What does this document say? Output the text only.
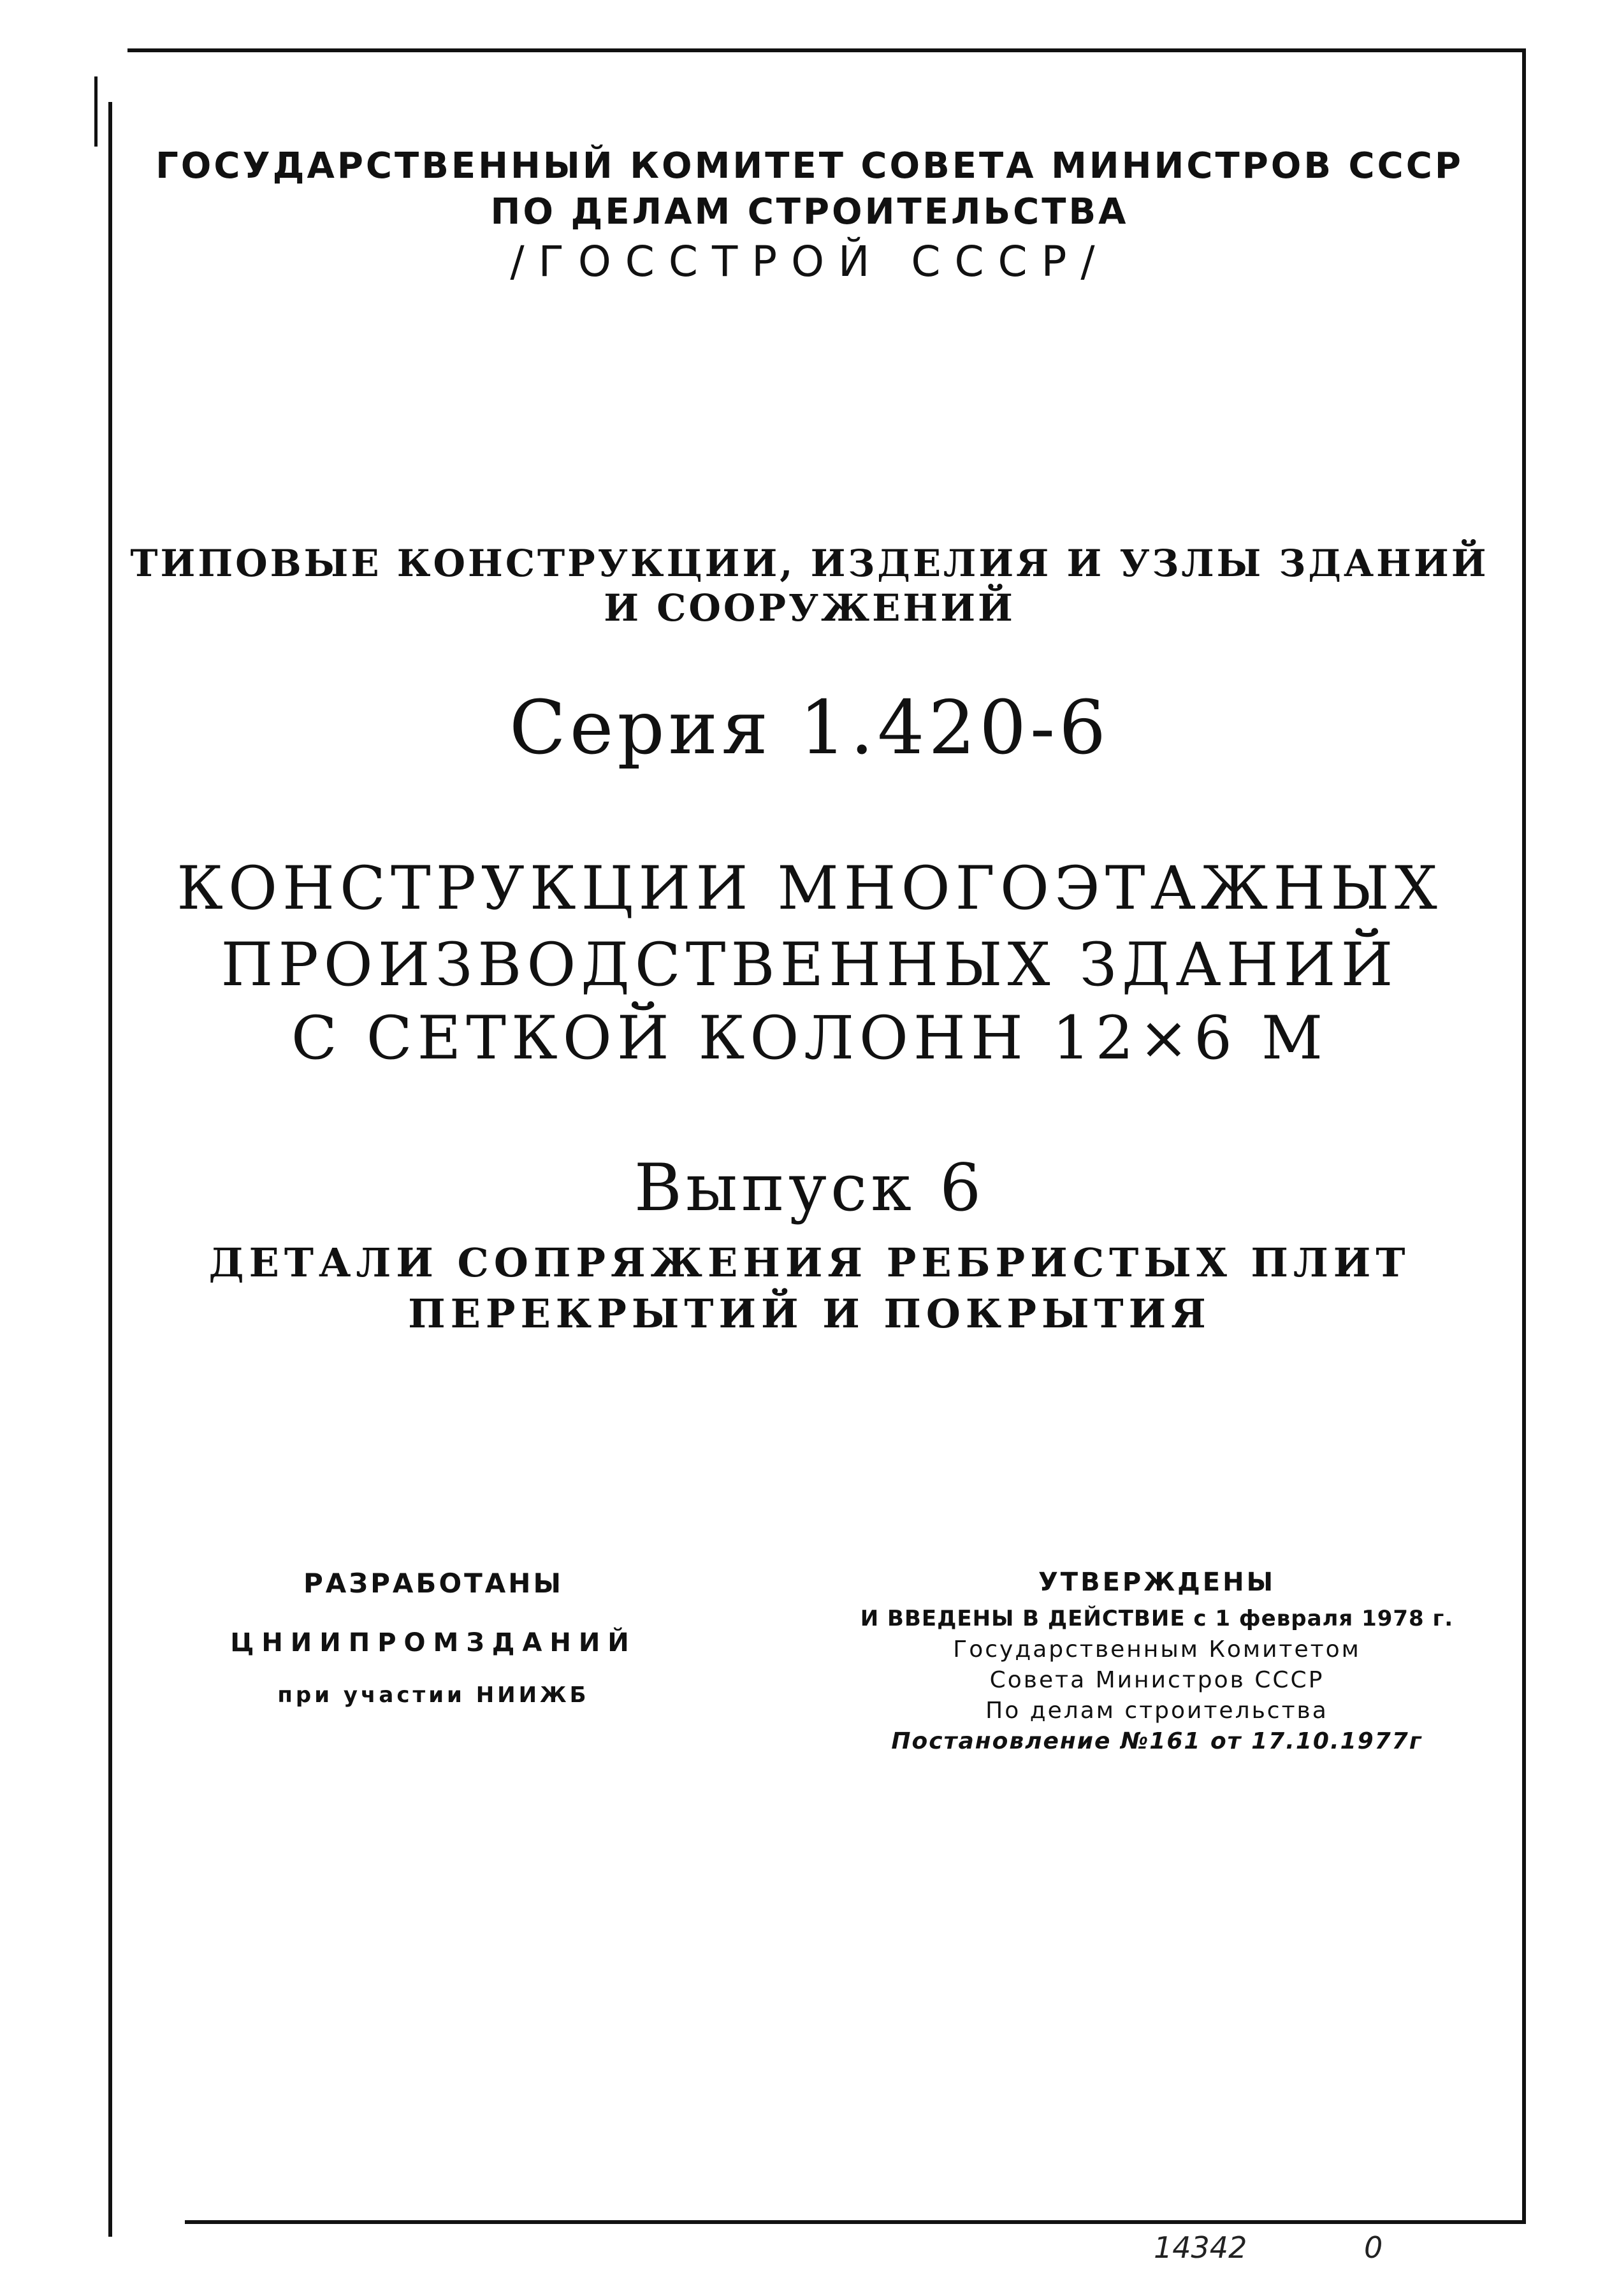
ГОСУДАРСТВЕННЫЙ КОМИТЕТ СОВЕТА МИНИСТРОВ СССР
ПО ДЕЛАМ СТРОИТЕЛЬСТВА
/ГОССТРОЙ СССР/
ТИПОВЫЕ КОНСТРУКЦИИ, ИЗДЕЛИЯ И УЗЛЫ ЗДАНИЙ
И СООРУЖЕНИЙ
Серия 1.420-6
КОНСТРУКЦИИ МНОГОЭТАЖНЫХ
ПРОИЗВОДСТВЕННЫХ ЗДАНИЙ
С СЕТКОЙ КОЛОНН 12×6 М
Выпуск 6
ДЕТАЛИ СОПРЯЖЕНИЯ РЕБРИСТЫХ ПЛИТ
ПЕРЕКРЫТИЙ И ПОКРЫТИЯ
РАЗРАБОТАНЫ
ЦНИИПРОМЗДАНИЙ
при участии НИИЖБ
УТВЕРЖДЕНЫ
И ВВЕДЕНЫ В ДЕЙСТВИЕ с 1 февраля 1978 г.
Государственным Комитетом
Совета Министров СССР
По делам строительства
Постановление №161 от 17.10.1977г
14342	0
